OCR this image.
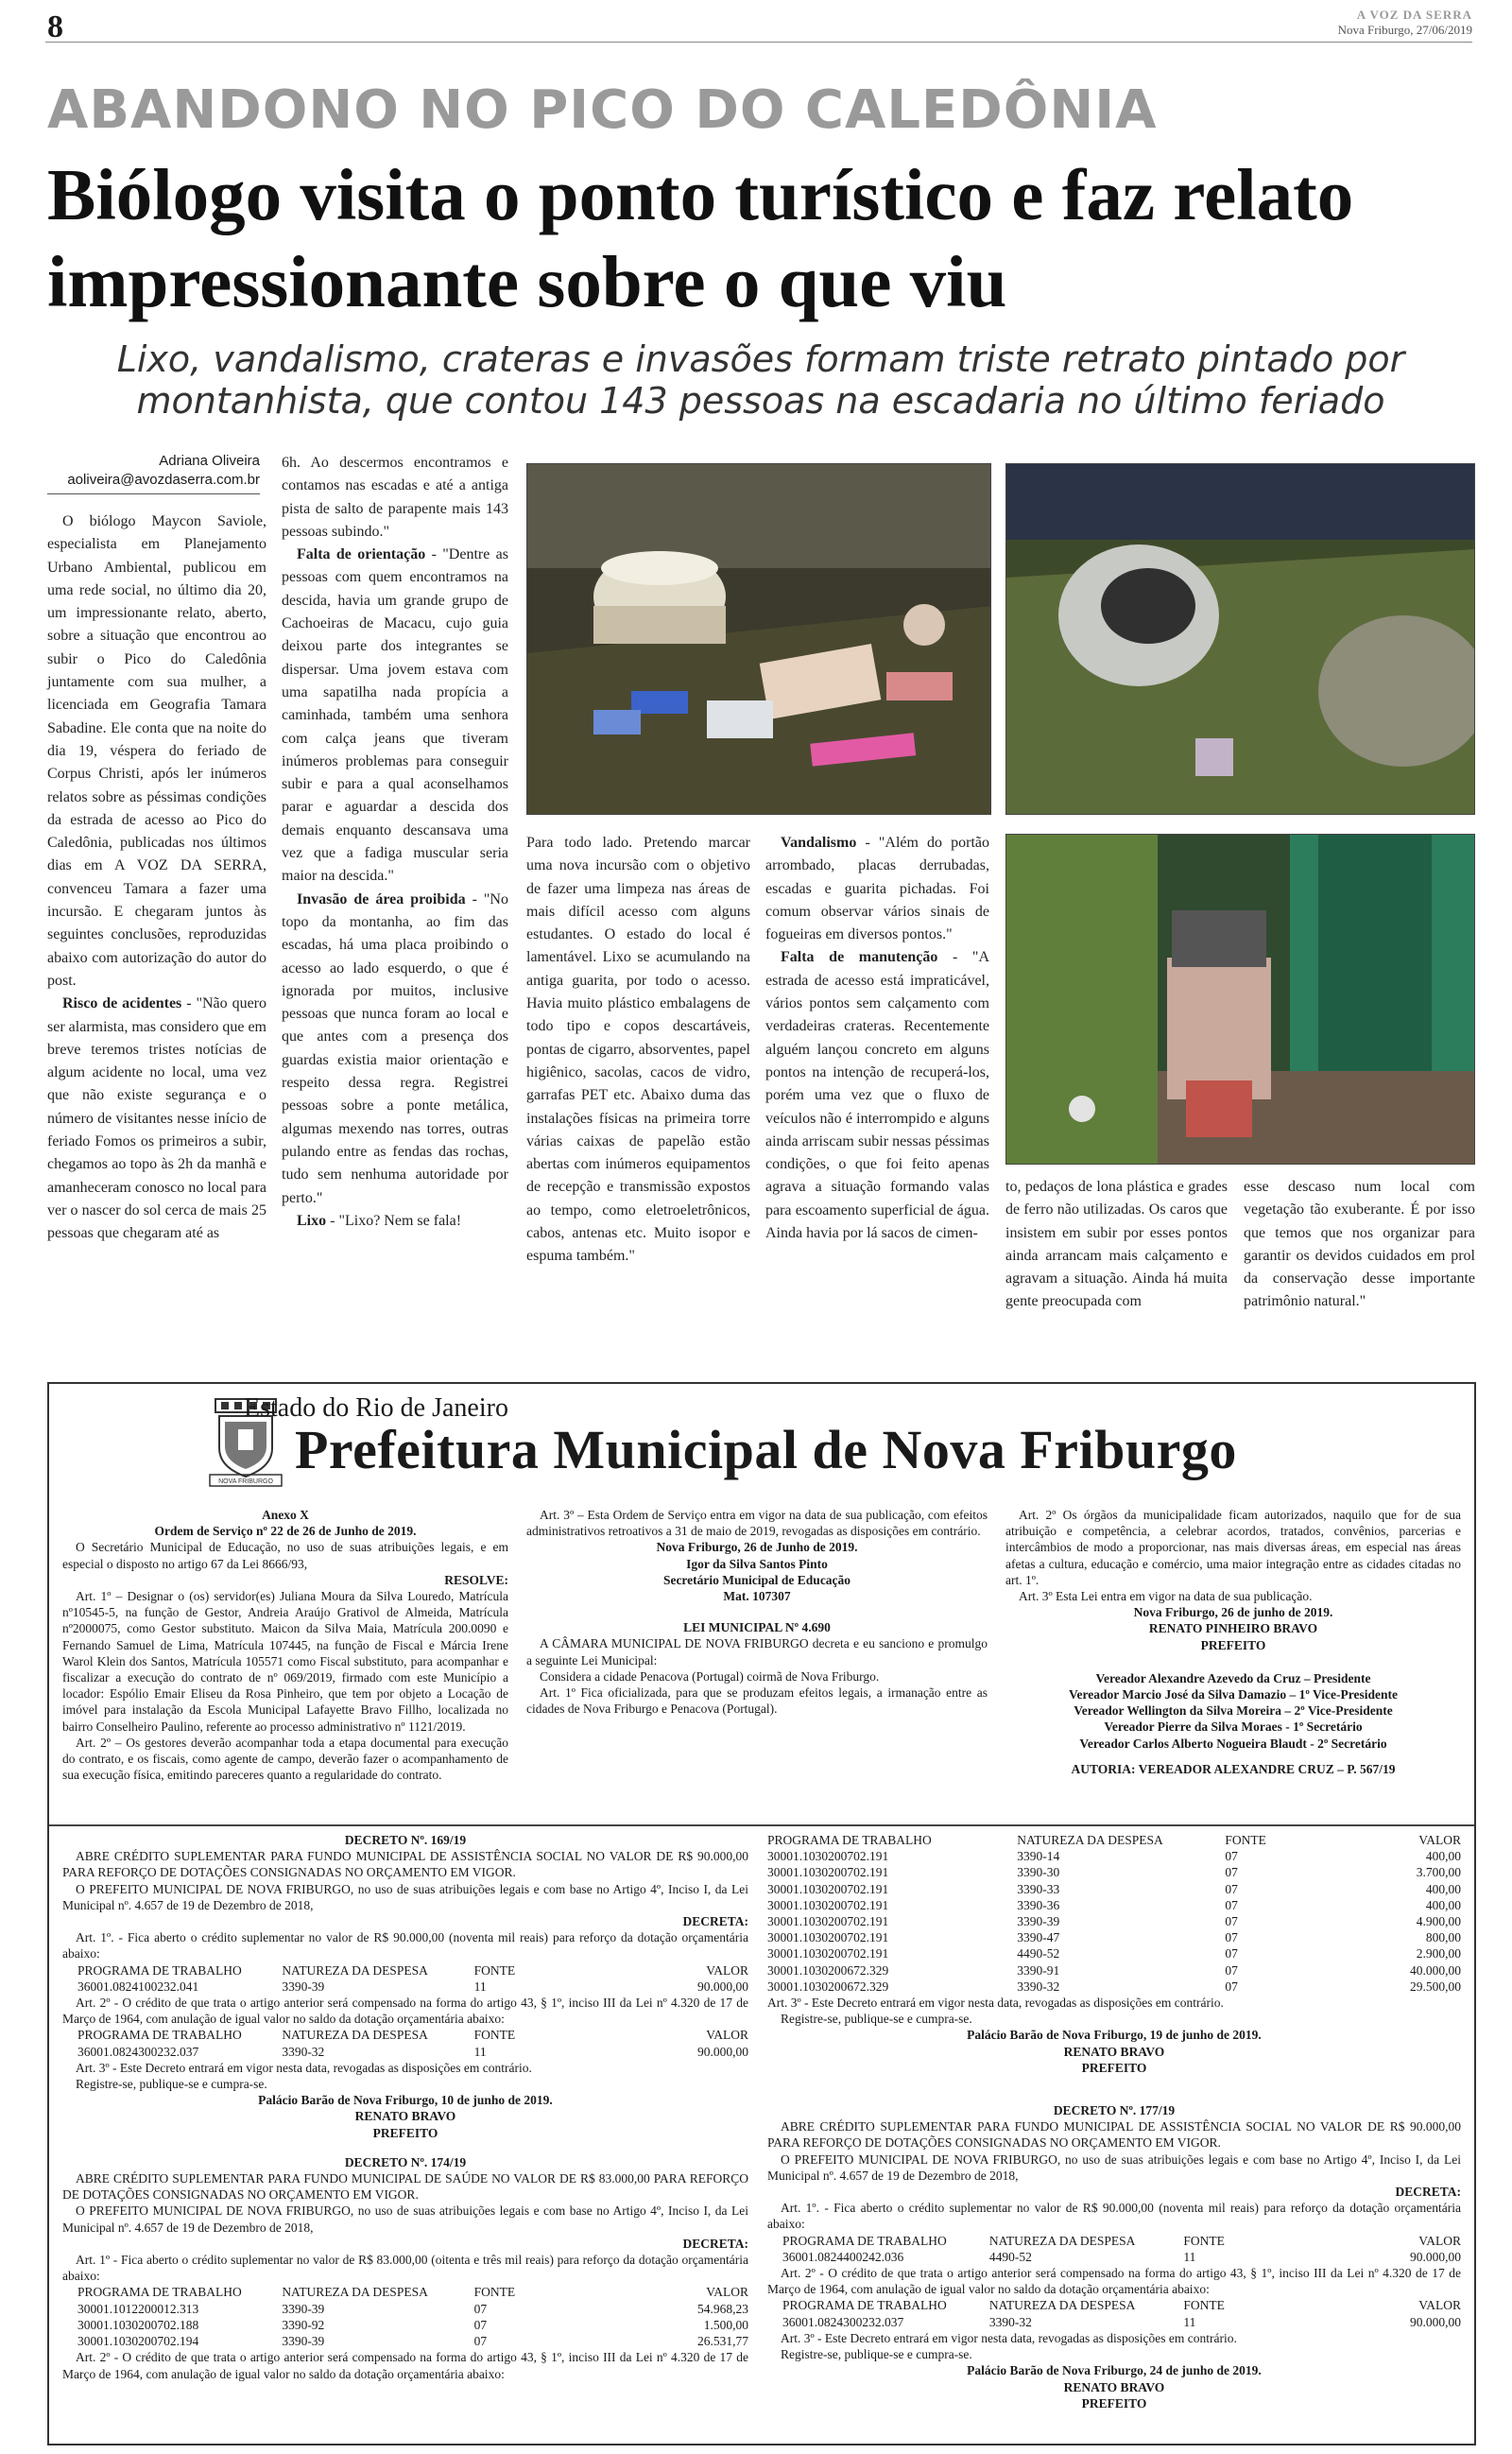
8	A VOZ DA SERRA
Nova Friburgo, 27/06/2019
ABANDONO NO PICO DO CALEDÔNIA
Biólogo visita o ponto turístico e faz relato impressionante sobre o que viu
Lixo, vandalismo, crateras e invasões formam triste retrato pintado por montanhista, que contou 143 pessoas na escadaria no último feriado
Adriana Oliveira
aoliveira@avozdaserra.com.br

O biólogo Maycon Saviole, especialista em Planejamento Urbano Ambiental, publicou em uma rede social, no último dia 20, um impressionante relato, aberto, sobre a situação que encontrou ao subir o Pico do Caledônia juntamente com sua mulher, a licenciada em Geografia Tamara Sabadine. Ele conta que na noite do dia 19, véspera do feriado de Corpus Christi, após ler inúmeros relatos sobre as péssimas condições da estrada de acesso ao Pico do Caledônia, publicadas nos últimos dias em A VOZ DA SERRA, convenceu Tamara a fazer uma incursão. E chegaram juntos às seguintes conclusões, reproduzidas abaixo com autorização do autor do post.

Risco de acidentes - "Não quero ser alarmista, mas considero que em breve teremos tristes notícias de algum acidente no local, uma vez que não existe segurança e o número de visitantes nesse início de feriado Fomos os primeiros a subir, chegamos ao topo às 2h da manhã e amanheceram conosco no local para ver o nascer do sol cerca de mais 25 pessoas que chegaram até as

6h. Ao descermos encontramos e contamos nas escadas e até a antiga pista de salto de parapente mais 143 pessoas subindo."

Falta de orientação - "Dentre as pessoas com quem encontramos na descida, havia um grande grupo de Cachoeiras de Macacu, cujo guia deixou parte dos integrantes se dispersar. Uma jovem estava com uma sapatilha nada propícia a caminhada, também uma senhora com calça jeans que tiveram inúmeros problemas para conseguir subir e para a qual aconselhamos parar e aguardar a descida dos demais enquanto descansava uma vez que a fadiga muscular seria maior na descida."

Invasão de área proibida - "No topo da montanha, ao fim das escadas, há uma placa proibindo o acesso ao lado esquerdo, o que é ignorada por muitos, inclusive pessoas que nunca foram ao local e que antes com a presença dos guardas existia maior orientação e respeito dessa regra. Registrei pessoas sobre a ponte metálica, algumas mexendo nas torres, outras pulando entre as fendas das rochas, tudo sem nenhuma autoridade por perto."

Lixo - "Lixo? Nem se fala!

Para todo lado. Pretendo marcar uma nova incursão com o objetivo de fazer uma limpeza nas áreas de mais difícil acesso com alguns estudantes. O estado do local é lamentável. Lixo se acumulando na antiga guarita, por todo o acesso. Havia muito plástico embalagens de todo tipo e copos descartáveis, pontas de cigarro, absorventes, papel higiênico, sacolas, cacos de vidro, garrafas PET etc. Abaixo duma das instalações físicas na primeira torre várias caixas de papelão estão abertas com inúmeros equipamentos de recepção e transmissão expostos ao tempo, como eletroeletrônicos, cabos, antenas etc. Muito isopor e espuma também."

Vandalismo - "Além do portão arrombado, placas derrubadas, escadas e guarita pichadas. Foi comum observar vários sinais de fogueiras em diversos pontos."

Falta de manutenção - "A estrada de acesso está impraticável, vários pontos sem calçamento com verdadeiras crateras. Recentemente alguém lançou concreto em alguns pontos na intenção de recuperá-los, porém uma vez que o fluxo de veículos não é interrompido e alguns ainda arriscam subir nessas péssimas condições, o que foi feito apenas agrava a situação formando valas para escoamento superficial de água. Ainda havia por lá sacos de cimen-

to, pedaços de lona plástica e grades de ferro não utilizadas. Os caros que insistem em subir por esses pontos ainda arrancam mais calçamento e agravam a situação. Ainda há muita gente preocupada com

esse descaso num local com vegetação tão exuberante. É por isso que temos que nos organizar para garantir os devidos cuidados em prol da conservação desse importante patrimônio natural."

NOVA FRIBURGO
Estado do Rio de Janeiro
Prefeitura Municipal de Nova Friburgo
Anexo X
Ordem de Serviço nº 22 de 26 de Junho de 2019.

O Secretário Municipal de Educação, no uso de suas atribuições legais, e em especial o disposto no artigo 67 da Lei 8666/93,

RESOLVE:

Art. 1º – Designar o (os) servidor(es) Juliana Moura da Silva Louredo, Matrícula nº10545-5, na função de Gestor, Andreia Araújo Grativol de Almeida, Matrícula nº2000075, como Gestor substituto. Maicon da Silva Maia, Matrícula 200.0090 e Fernando Samuel de Lima, Matrícula 107445, na função de Fiscal e Márcia Irene Warol Klein dos Santos, Matrícula 105571 como Fiscal substituto, para acompanhar e fiscalizar a execução do contrato de nº 069/2019, firmado com este Município a locador: Espólio Emair Eliseu da Rosa Pinheiro, que tem por objeto a Locação de imóvel para instalação da Escola Municipal Lafayette Bravo Fillho, localizada no bairro Conselheiro Paulino, referente ao processo administrativo nº 1121/2019.

Art. 2º – Os gestores deverão acompanhar toda a etapa documental para execução do contrato, e os fiscais, como agente de campo, deverão fazer o acompanhamento de sua execução física, emitindo pareceres quanto a regularidade do contrato.

Art. 3º – Esta Ordem de Serviço entra em vigor na data de sua publicação, com efeitos administrativos retroativos a 31 de maio de 2019, revogadas as disposições em contrário.

Nova Friburgo, 26 de Junho de 2019.
Igor da Silva Santos Pinto
Secretário Municipal de Educação
Mat. 107307
LEI MUNICIPAL Nº 4.690

A CÂMARA MUNICIPAL DE NOVA FRIBURGO decreta e eu sanciono e promulgo a seguinte Lei Municipal:

Considera a cidade Penacova (Portugal) coirmã de Nova Friburgo.

Art. 1º Fica oficializada, para que se produzam efeitos legais, a irmanação entre as cidades de Nova Friburgo e Penacova (Portugal).

Art. 2º Os órgãos da municipalidade ficam autorizados, naquilo que for de sua atribuição e competência, a celebrar acordos, tratados, convênios, parcerias e intercâmbios de modo a proporcionar, nas mais diversas áreas, em especial nas áreas afetas a cultura, educação e comércio, uma maior integração entre as cidades citadas no art. 1º.

Art. 3º Esta Lei entra em vigor na data de sua publicação.

Nova Friburgo, 26 de junho de 2019.
RENATO PINHEIRO BRAVO
PREFEITO
Vereador Alexandre Azevedo da Cruz – Presidente
Vereador Marcio José da Silva Damazio – 1º Vice-Presidente
Vereador Wellington da Silva Moreira – 2º Vice-Presidente
Vereador Pierre da Silva Moraes - 1º Secretário
Vereador Carlos Alberto Nogueira Blaudt - 2º Secretário
AUTORIA: VEREADOR ALEXANDRE CRUZ – P. 567/19
DECRETO Nº. 169/19

ABRE CRÉDITO SUPLEMENTAR PARA FUNDO MUNICIPAL DE ASSISTÊNCIA SOCIAL NO VALOR DE R$ 90.000,00 PARA REFORÇO DE DOTAÇÕES CONSIGNADAS NO ORÇAMENTO EM VIGOR.

O PREFEITO MUNICIPAL DE NOVA FRIBURGO, no uso de suas atribuições legais e com base no Artigo 4º, Inciso I, da Lei Municipal nº. 4.657 de 19 de Dezembro de 2018,

DECRETA:

Art. 1º. - Fica aberto o crédito suplementar no valor de R$ 90.000,00 (noventa mil reais) para reforço da dotação orçamentária abaixo:

PROGRAMA DE TRABALHO	NATUREZA DA DESPESA	FONTE	VALOR
36001.0824100232.041	3390-39	11	90.000,00

Art. 2º - O crédito de que trata o artigo anterior será compensado na forma do artigo 43, § 1º, inciso III da Lei nº 4.320 de 17 de Março de 1964, com anulação de igual valor no saldo da dotação orçamentária abaixo:

PROGRAMA DE TRABALHO	NATUREZA DA DESPESA	FONTE	VALOR
36001.0824300232.037	3390-32	11	90.000,00

Art. 3º - Este Decreto entrará em vigor nesta data, revogadas as disposições em contrário.

Registre-se, publique-se e cumpra-se.

Palácio Barão de Nova Friburgo, 10 de junho de 2019.
RENATO BRAVO
PREFEITO
DECRETO Nº. 174/19

ABRE CRÉDITO SUPLEMENTAR PARA FUNDO MUNICIPAL DE SAÚDE NO VALOR DE R$ 83.000,00 PARA REFORÇO DE DOTAÇÕES CONSIGNADAS NO ORÇAMENTO EM VIGOR.

O PREFEITO MUNICIPAL DE NOVA FRIBURGO, no uso de suas atribuições legais e com base no Artigo 4º, Inciso I, da Lei Municipal nº. 4.657 de 19 de Dezembro de 2018,

DECRETA:

Art. 1º - Fica aberto o crédito suplementar no valor de R$ 83.000,00 (oitenta e três mil reais) para reforço da dotação orçamentária abaixo:

PROGRAMA DE TRABALHO	NATUREZA DA DESPESA	FONTE	VALOR
30001.1012200012.313	3390-39	07	54.968,23
30001.1030200702.188	3390-92	07	1.500,00
30001.1030200702.194	3390-39	07	26.531,77

Art. 2º - O crédito de que trata o artigo anterior será compensado na forma do artigo 43, § 1º, inciso III da Lei nº 4.320 de 17 de Março de 1964, com anulação de igual valor no saldo da dotação orçamentária abaixo:

PROGRAMA DE TRABALHO	NATUREZA DA DESPESA	FONTE	VALOR
30001.1030200702.191	3390-14	07	400,00
30001.1030200702.191	3390-30	07	3.700,00
30001.1030200702.191	3390-33	07	400,00
30001.1030200702.191	3390-36	07	400,00
30001.1030200702.191	3390-39	07	4.900,00
30001.1030200702.191	3390-47	07	800,00
30001.1030200702.191	4490-52	07	2.900,00
30001.1030200672.329	3390-91	07	40.000,00
30001.1030200672.329	3390-32	07	29.500,00

Art. 3º - Este Decreto entrará em vigor nesta data, revogadas as disposições em contrário.

Registre-se, publique-se e cumpra-se.

Palácio Barão de Nova Friburgo, 19 de junho de 2019.
RENATO BRAVO
PREFEITO
DECRETO Nº. 177/19

ABRE CRÉDITO SUPLEMENTAR PARA FUNDO MUNICIPAL DE ASSISTÊNCIA SOCIAL NO VALOR DE R$ 90.000,00 PARA REFORÇO DE DOTAÇÕES CONSIGNADAS NO ORÇAMENTO EM VIGOR.

O PREFEITO MUNICIPAL DE NOVA FRIBURGO, no uso de suas atribuições legais e com base no Artigo 4º, Inciso I, da Lei Municipal nº. 4.657 de 19 de Dezembro de 2018,

DECRETA:

Art. 1º. - Fica aberto o crédito suplementar no valor de R$ 90.000,00 (noventa mil reais) para reforço da dotação orçamentária abaixo:

PROGRAMA DE TRABALHO	NATUREZA DA DESPESA	FONTE	VALOR
36001.0824400242.036	4490-52	11	90.000,00

Art. 2º - O crédito de que trata o artigo anterior será compensado na forma do artigo 43, § 1º, inciso III da Lei nº 4.320 de 17 de Março de 1964, com anulação de igual valor no saldo da dotação orçamentária abaixo:

PROGRAMA DE TRABALHO	NATUREZA DA DESPESA	FONTE	VALOR
36001.0824300232.037	3390-32	11	90.000,00

Art. 3º - Este Decreto entrará em vigor nesta data, revogadas as disposições em contrário.

Registre-se, publique-se e cumpra-se.

Palácio Barão de Nova Friburgo, 24 de junho de 2019.
RENATO BRAVO
PREFEITO
